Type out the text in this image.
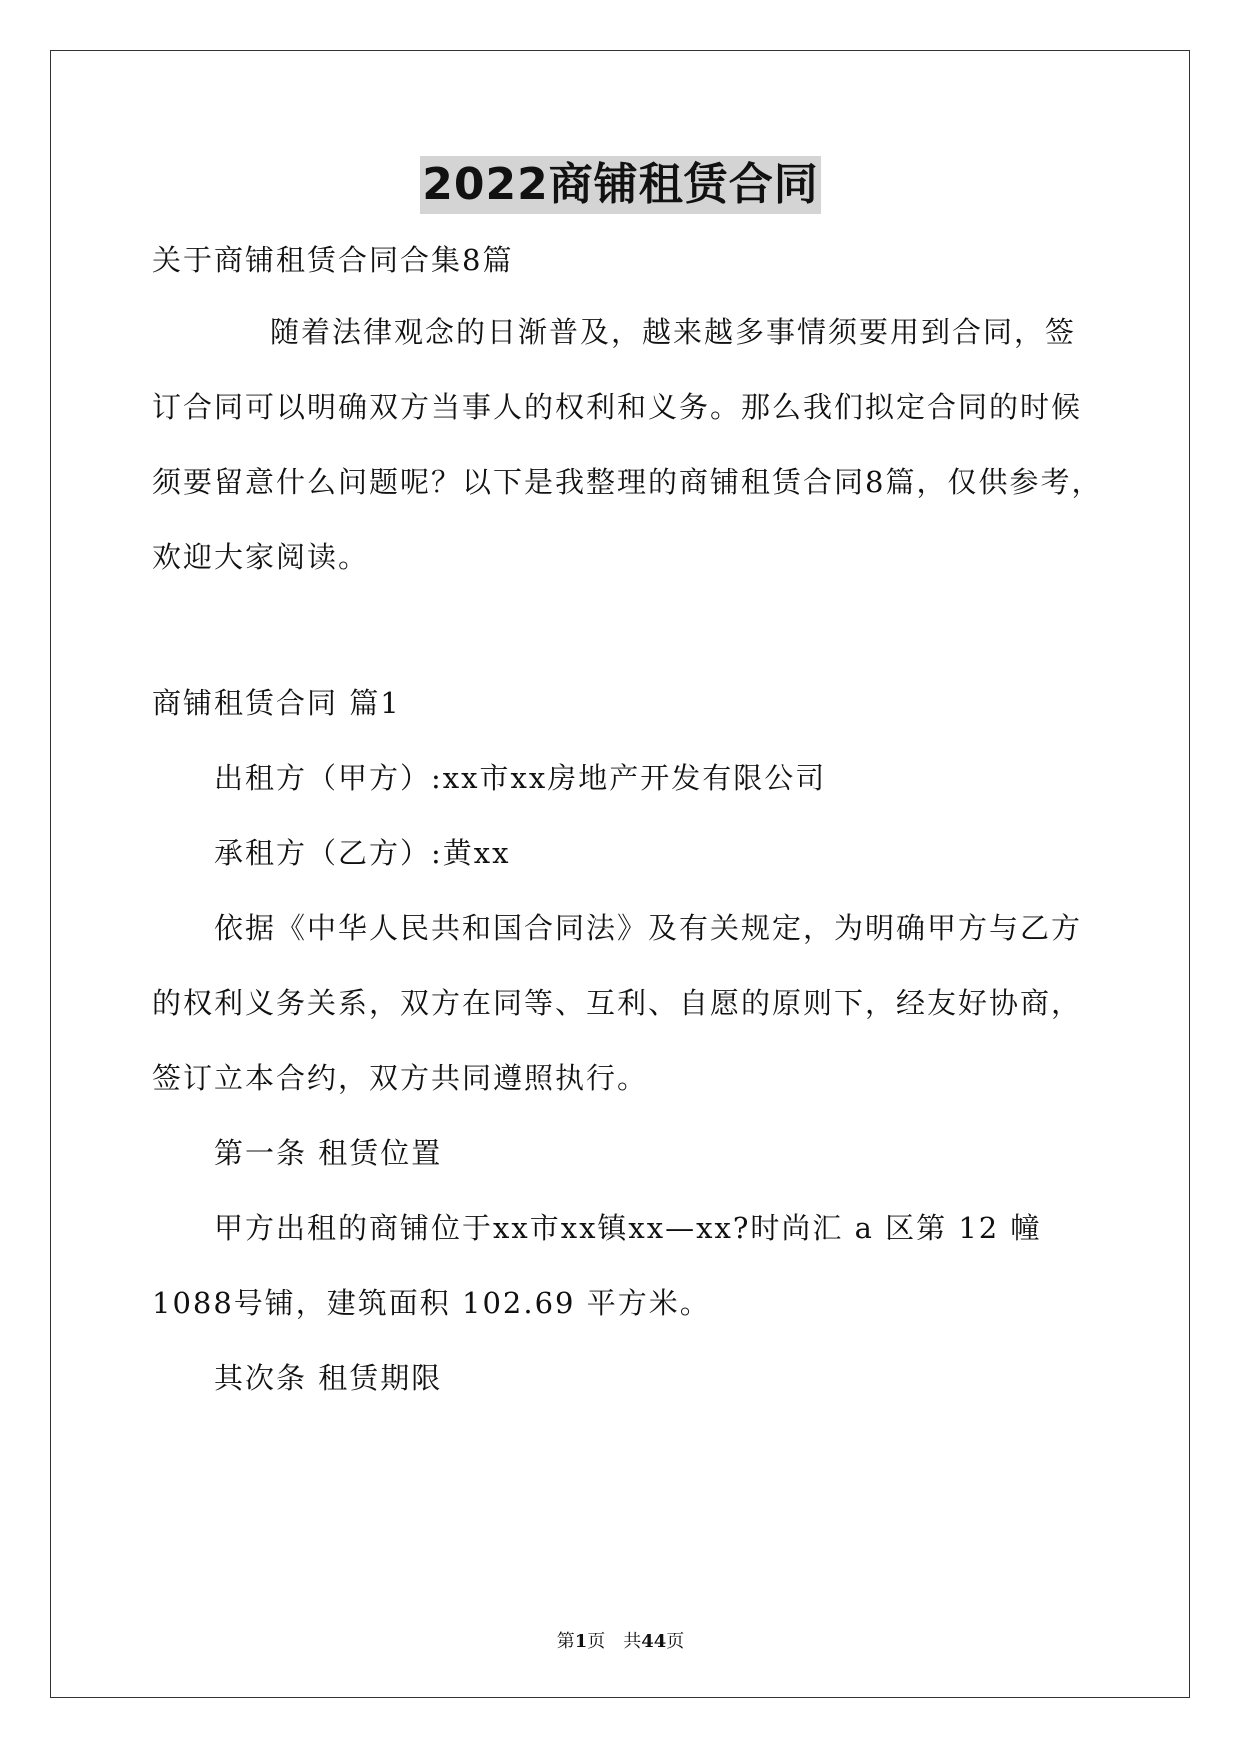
2022商铺租赁合同
关于商铺租赁合同合集8篇
随着法律观念的日渐普及，越来越多事情须要用到合同，签
订合同可以明确双方当事人的权利和义务。那么我们拟定合同的时候
须要留意什么问题呢？以下是我整理的商铺租赁合同8篇，仅供参考，
欢迎大家阅读。
商铺租赁合同 篇1
出租方（甲方）:xx市xx房地产开发有限公司
承租方（乙方）:黄xx
依据《中华人民共和国合同法》及有关规定，为明确甲方与乙方
的权利义务关系，双方在同等、互利、自愿的原则下，经友好协商，
签订立本合约，双方共同遵照执行。
第一条 租赁位置
甲方出租的商铺位于xx市xx镇xx—xx?时尚汇 a 区第 12 幢
1088号铺，建筑面积 102.69 平方米。
其次条 租赁期限
第1页　共44页
